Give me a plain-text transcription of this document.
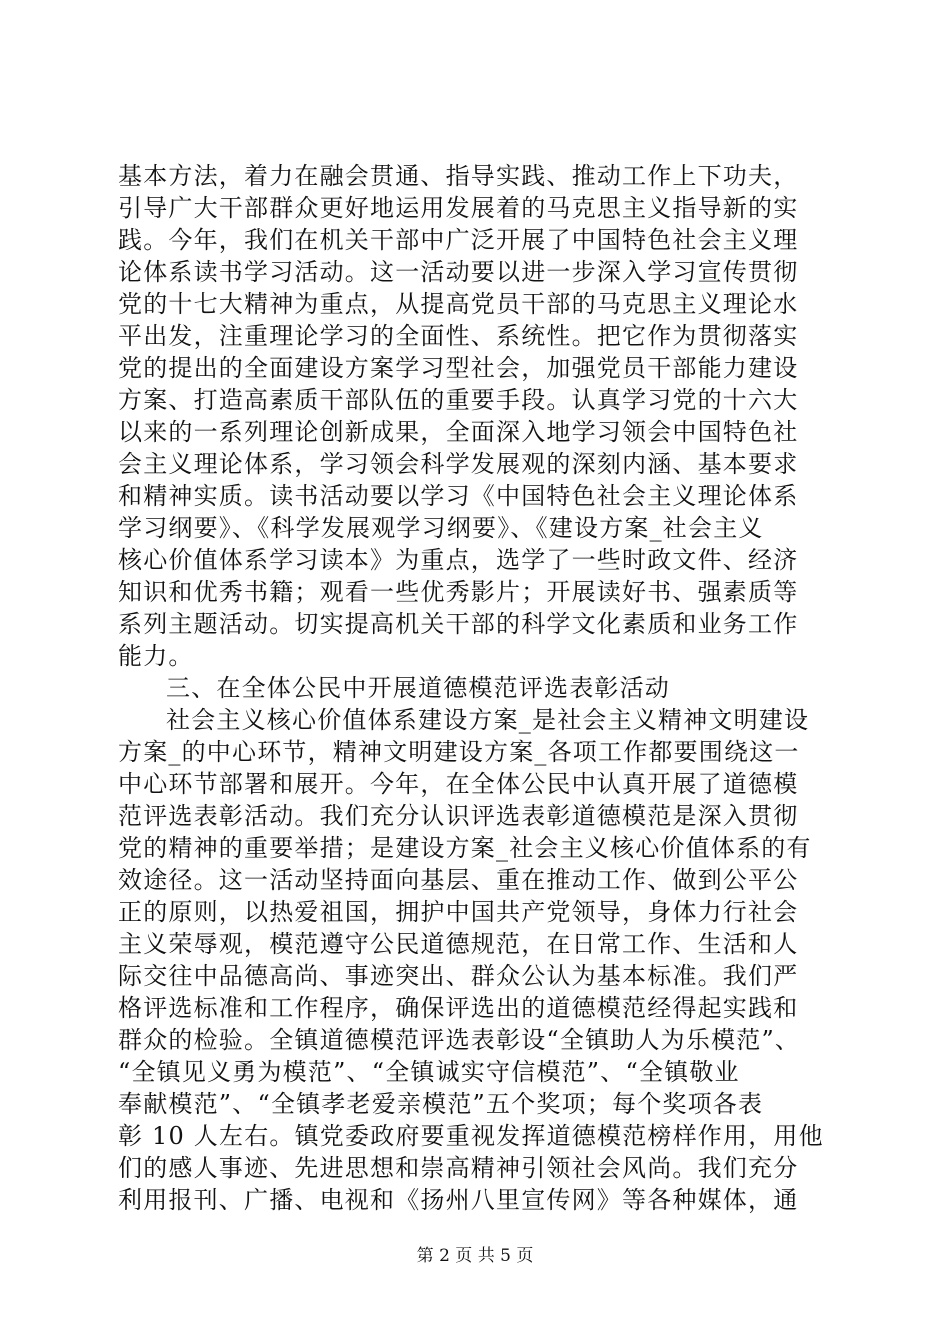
基本方法，着力在融会贯通、指导实践、推动工作上下功夫，
引导广大干部群众更好地运用发展着的马克思主义指导新的实
践。今年，我们在机关干部中广泛开展了中国特色社会主义理
论体系读书学习活动。这一活动要以进一步深入学习宣传贯彻
党的十七大精神为重点，从提高党员干部的马克思主义理论水
平出发，注重理论学习的全面性、系统性。把它作为贯彻落实
党的提出的全面建设方案学习型社会，加强党员干部能力建设
方案、打造高素质干部队伍的重要手段。认真学习党的十六大
以来的一系列理论创新成果，全面深入地学习领会中国特色社
会主义理论体系，学习领会科学发展观的深刻内涵、基本要求
和精神实质。读书活动要以学习《中国特色社会主义理论体系
学习纲要》、《科学发展观学习纲要》、《建设方案_社会主义
核心价值体系学习读本》为重点，选学了一些时政文件、经济
知识和优秀书籍；观看一些优秀影片；开展读好书、强素质等
系列主题活动。切实提高机关干部的科学文化素质和业务工作
能力。
三、在全体公民中开展道德模范评选表彰活动
社会主义核心价值体系建设方案_是社会主义精神文明建设
方案_的中心环节，精神文明建设方案_各项工作都要围绕这一
中心环节部署和展开。今年，在全体公民中认真开展了道德模
范评选表彰活动。我们充分认识评选表彰道德模范是深入贯彻
党的精神的重要举措；是建设方案_社会主义核心价值体系的有
效途径。这一活动坚持面向基层、重在推动工作、做到公平公
正的原则，以热爱祖国，拥护中国共产党领导，身体力行社会
主义荣辱观，模范遵守公民道德规范，在日常工作、生活和人
际交往中品德高尚、事迹突出、群众公认为基本标准。我们严
格评选标准和工作程序，确保评选出的道德模范经得起实践和
群众的检验。全镇道德模范评选表彰设“全镇助人为乐模范”、
“全镇见义勇为模范”、“全镇诚实守信模范”、“全镇敬业
奉献模范”、“全镇孝老爱亲模范”五个奖项；每个奖项各表
彰 10 人左右。镇党委政府要重视发挥道德模范榜样作用，用他
们的感人事迹、先进思想和崇高精神引领社会风尚。我们充分
利用报刊、广播、电视和《扬州八里宣传网》等各种媒体，通
第 2 页 共 5 页
